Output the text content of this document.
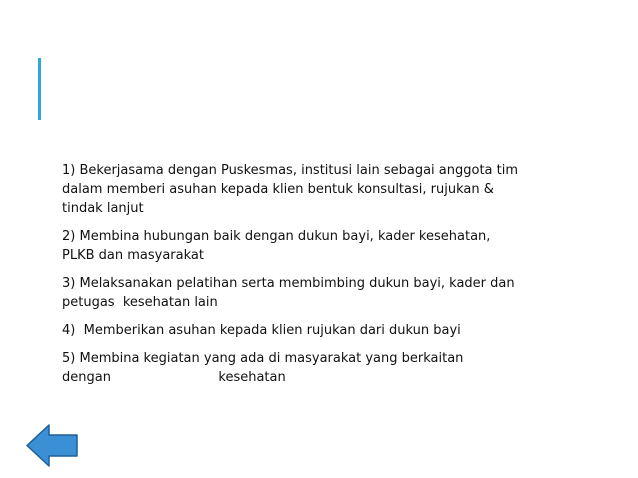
1) Bekerjasama dengan Puskesmas, institusi lain sebagai anggota tim
dalam memberi asuhan kepada klien bentuk konsultasi, rujukan &
tindak lanjut

2) Membina hubungan baik dengan dukun bayi, kader kesehatan,
PLKB dan masyarakat

3) Melaksanakan pelatihan serta membimbing dukun bayi, kader dan
petugas  kesehatan lain

4)  Memberikan asuhan kepada klien rujukan dari dukun bayi

5) Membina kegiatan yang ada di masyarakat yang berkaitan
dengan                          kesehatan
